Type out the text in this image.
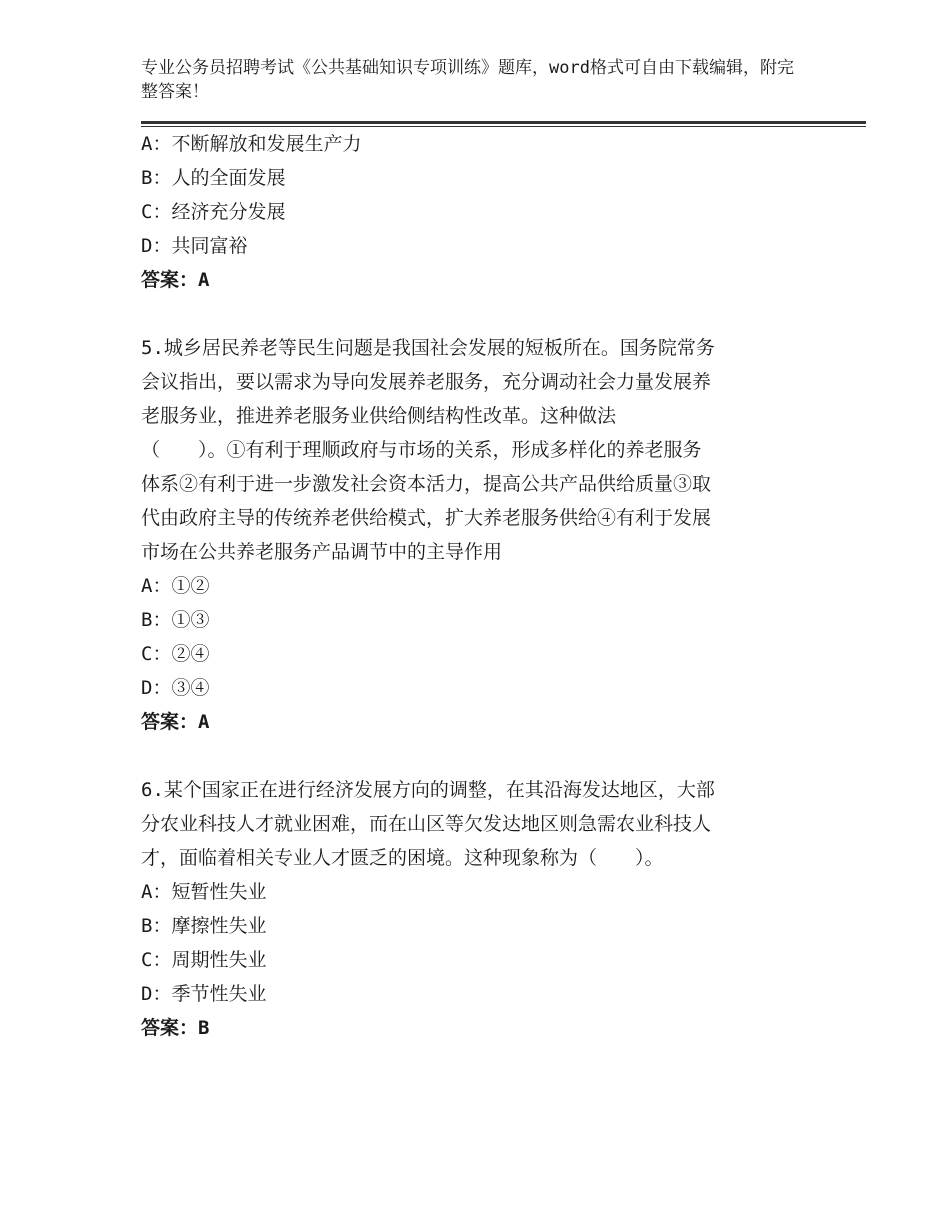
专业公务员招聘考试《公共基础知识专项训练》题库，word格式可自由下载编辑，附完整答案！
A：不断解放和发展生产力
B：人的全面发展
C：经济充分发展
D：共同富裕
答案：A
5.城乡居民养老等民生问题是我国社会发展的短板所在。国务院常务
会议指出，要以需求为导向发展养老服务，充分调动社会力量发展养
老服务业，推进养老服务业供给侧结构性改革。这种做法
（　　）。①有利于理顺政府与市场的关系，形成多样化的养老服务
体系②有利于进一步激发社会资本活力，提高公共产品供给质量③取
代由政府主导的传统养老供给模式，扩大养老服务供给④有利于发展
市场在公共养老服务产品调节中的主导作用
A：①②
B：①③
C：②④
D：③④
答案：A
6.某个国家正在进行经济发展方向的调整，在其沿海发达地区，大部
分农业科技人才就业困难，而在山区等欠发达地区则急需农业科技人
才，面临着相关专业人才匮乏的困境。这种现象称为（　　）。
A：短暂性失业
B：摩擦性失业
C：周期性失业
D：季节性失业
答案：B
